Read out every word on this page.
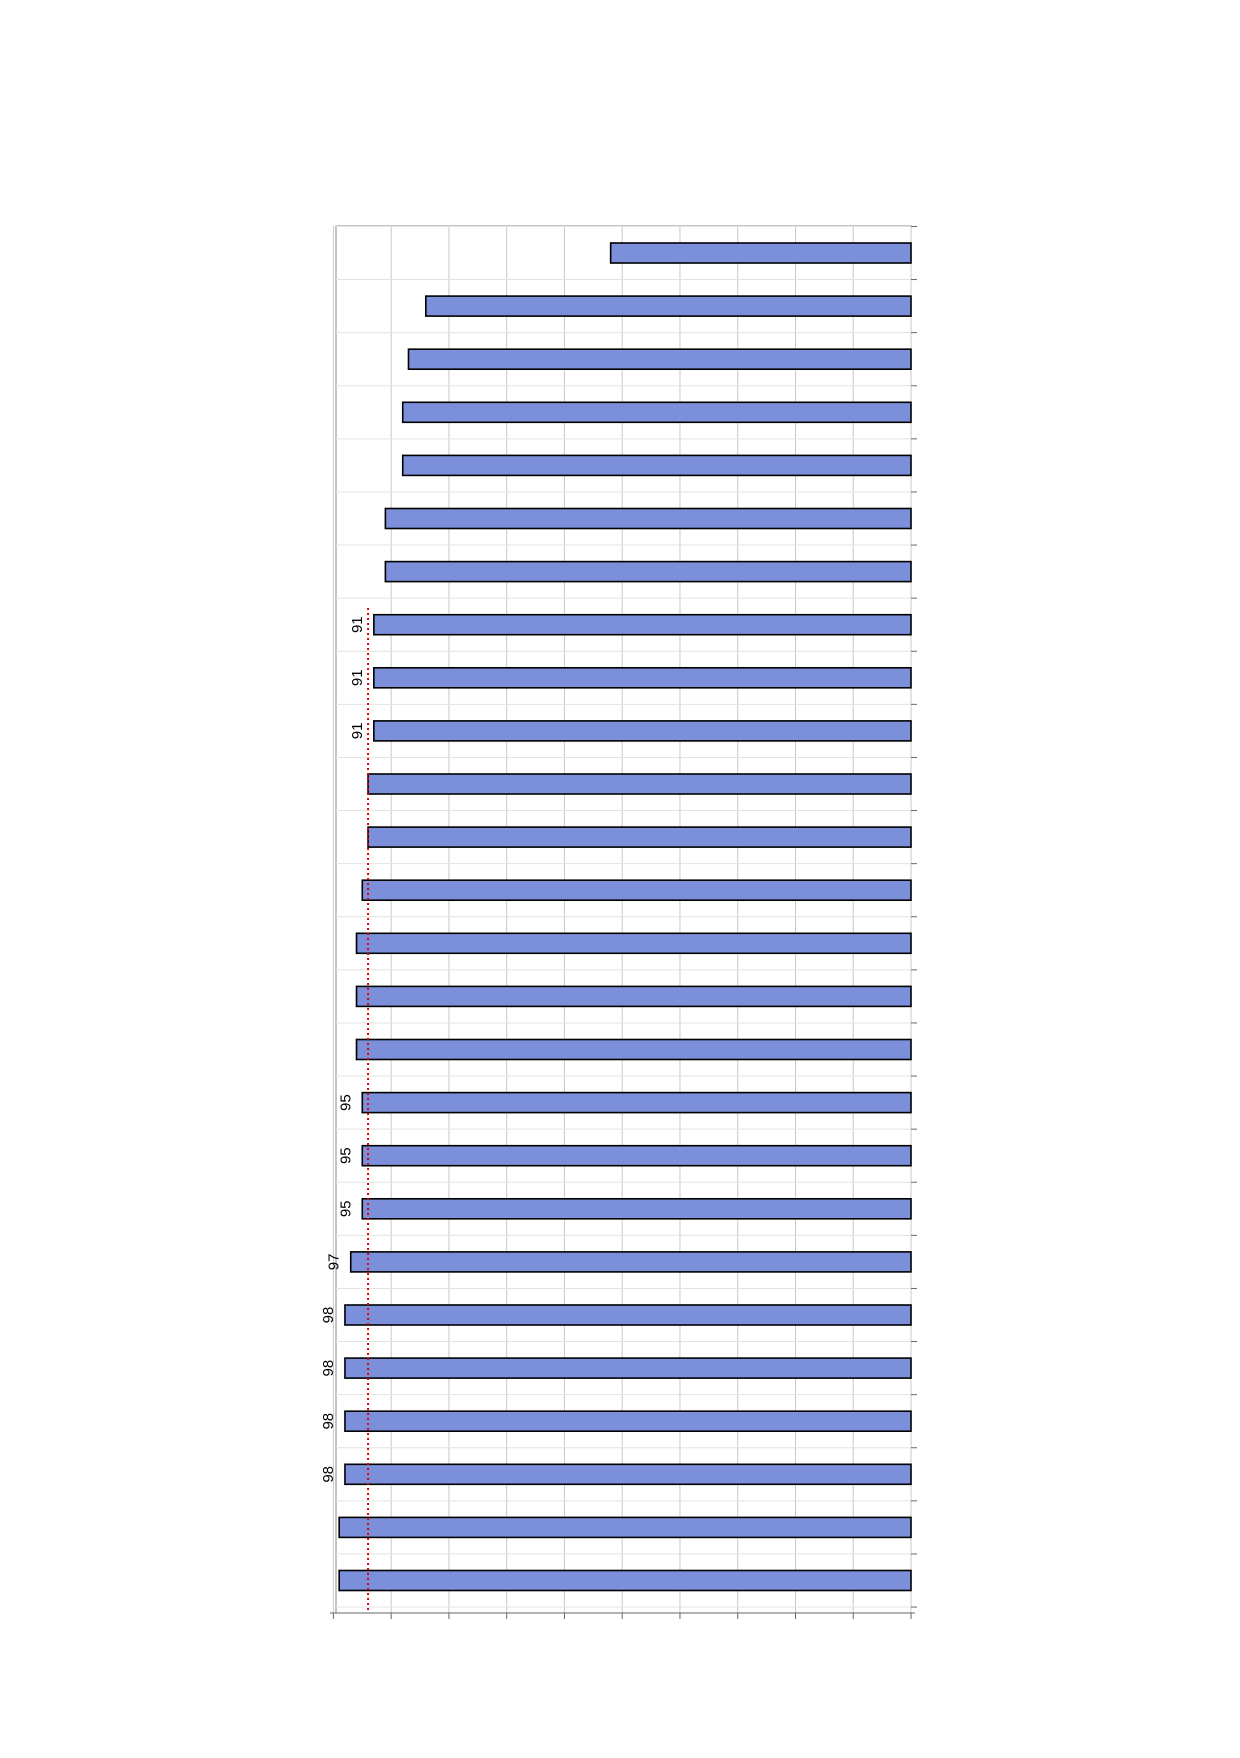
91
91
91
95
95
95
97
98
98
98
98
